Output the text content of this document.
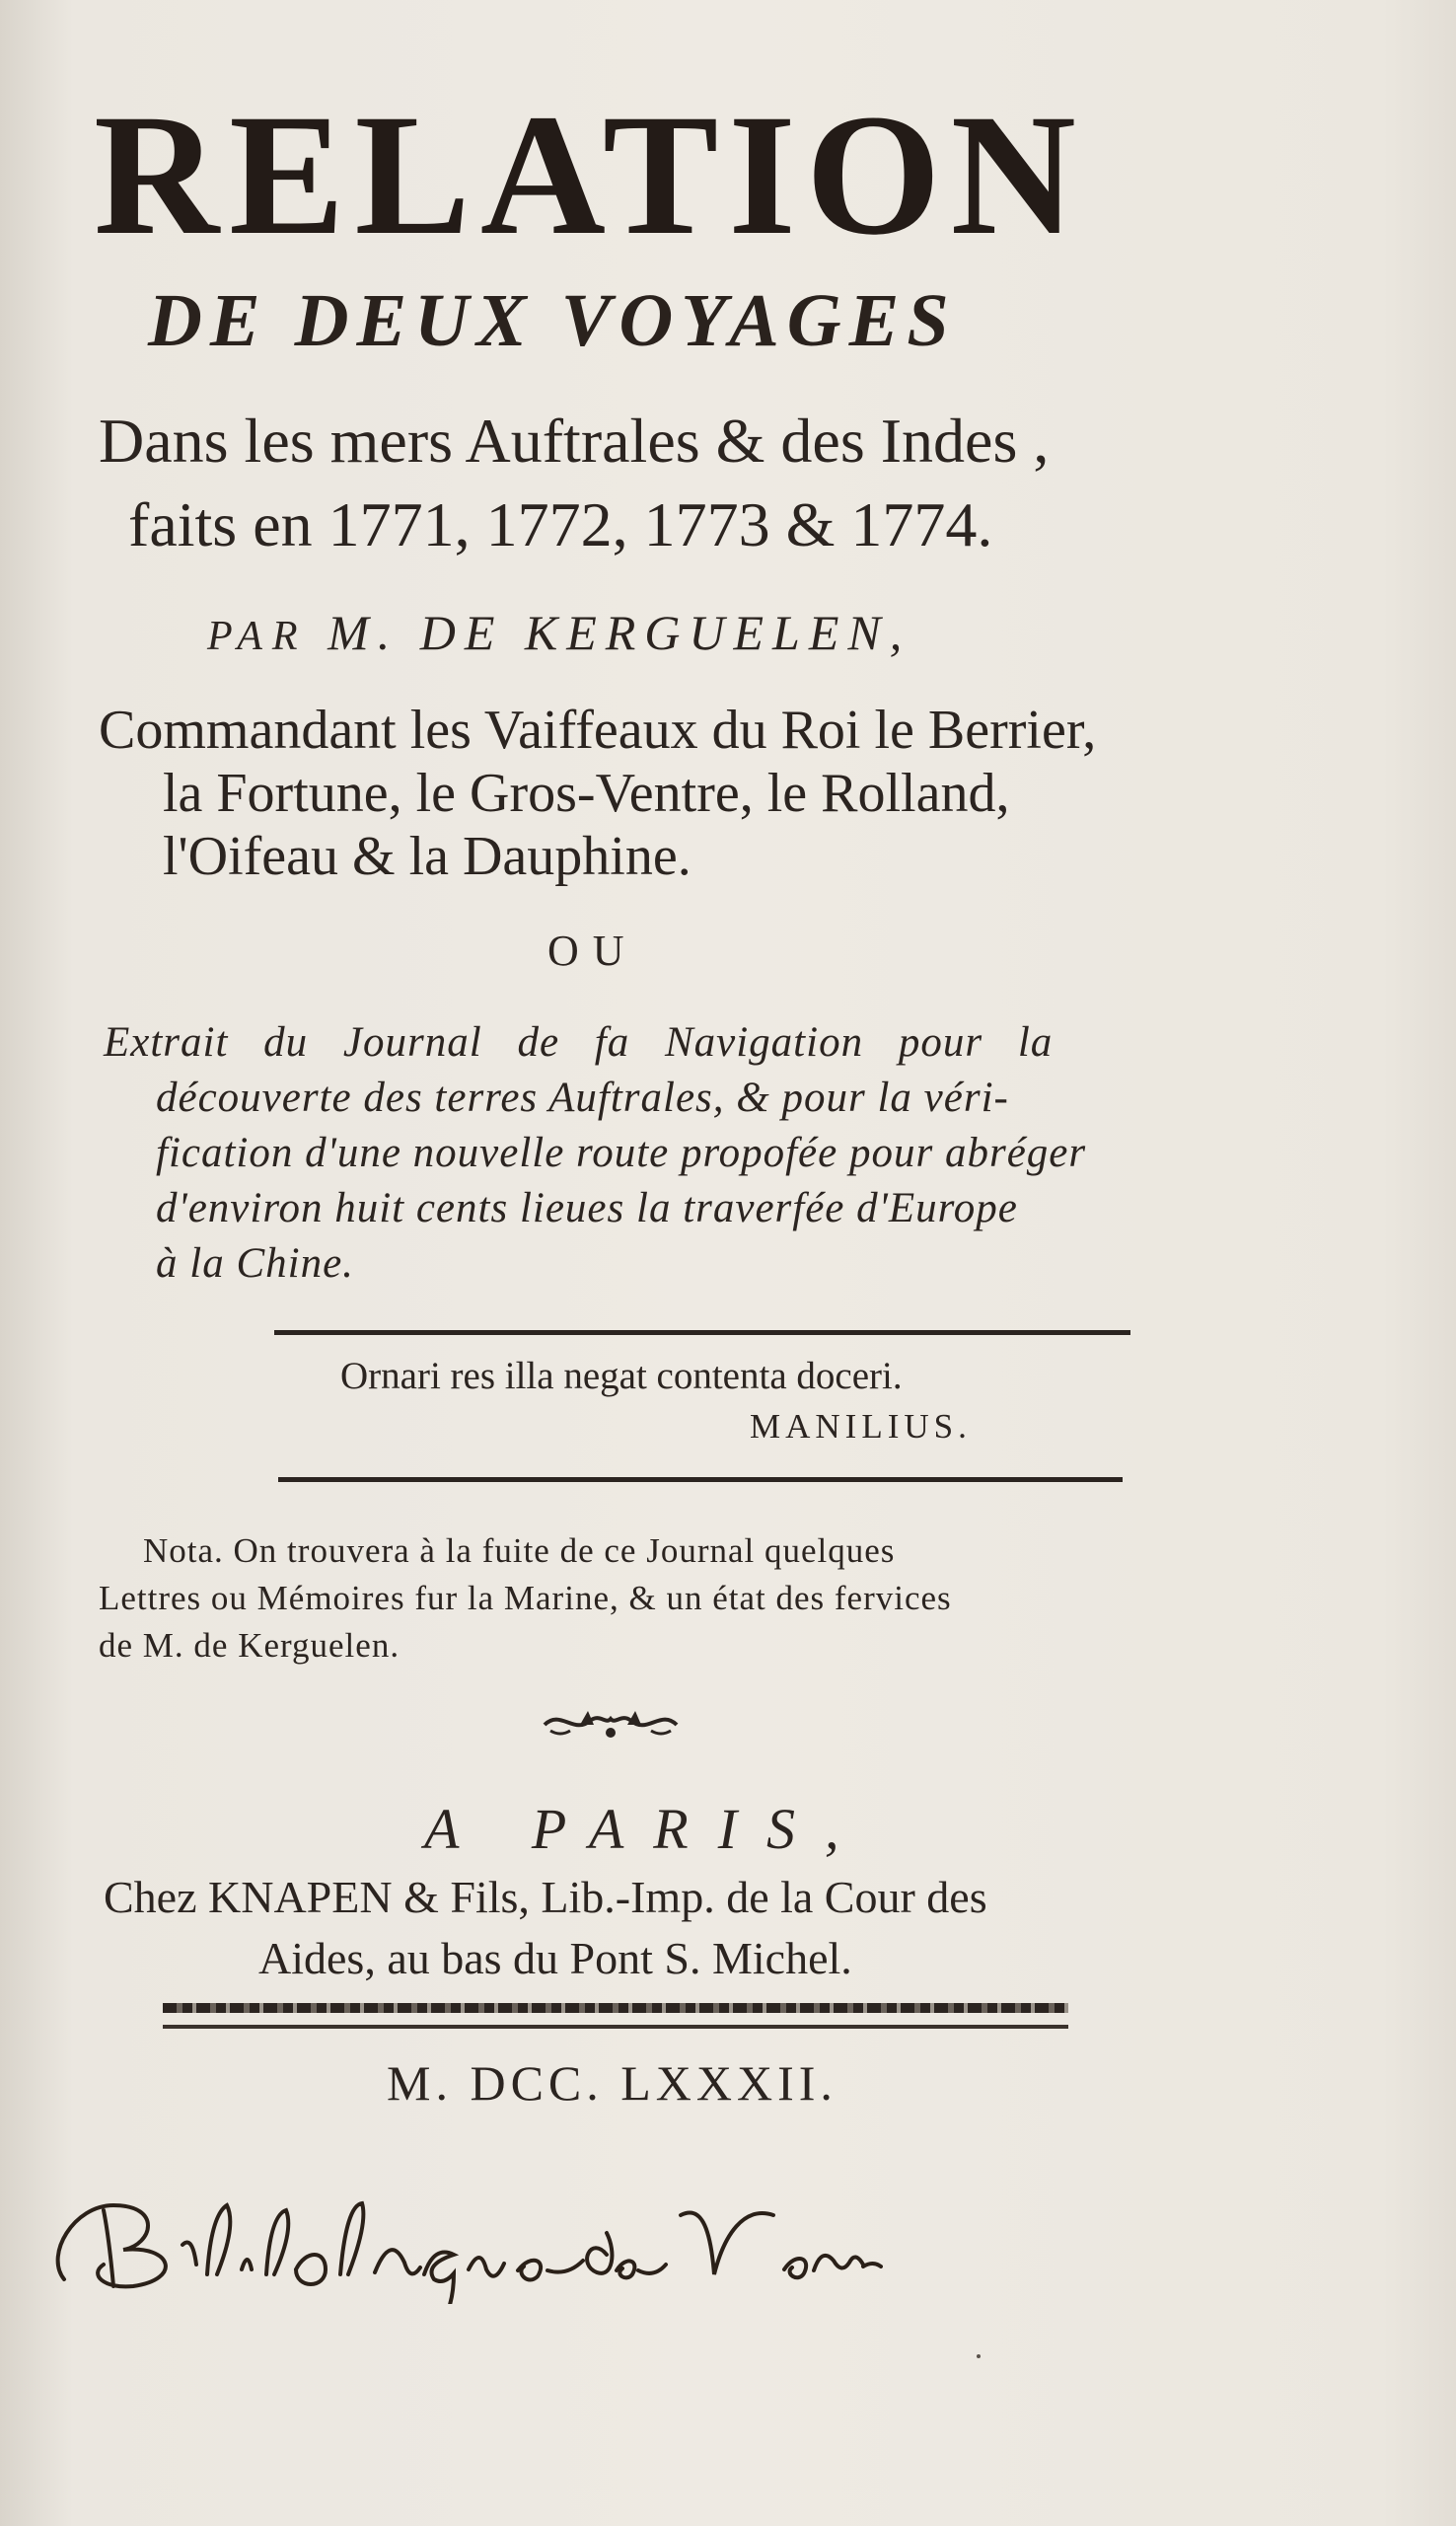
RELATION
DE DEUX VOYAGES
Dans les mers Auftrales & des Indes ,
faits en 1771, 1772, 1773 & 1774.
PAR M. DE KERGUELEN,
Commandant les Vaiffeaux du Roi le Berrier,
la Fortune, le Gros-Ventre, le Rolland,
l'Oifeau & la Dauphine.
OU
Extrait du Journal de fa Navigation pour la
découverte des terres Auftrales, & pour la véri-
fication d'une nouvelle route propofée pour abréger
d'environ huit cents lieues la traverfée d'Europe
à la Chine.
Ornari res illa negat contenta doceri.
MANILIUS.
Nota. On trouvera à la fuite de ce Journal quelques
Lettres ou Mémoires fur la Marine, & un état des fervices
de M. de Kerguelen.
A PARIS,
Chez KNAPEN & Fils, Lib.-Imp. de la Cour des
Aides, au bas du Pont S. Michel.
M. DCC. LXXXII.
